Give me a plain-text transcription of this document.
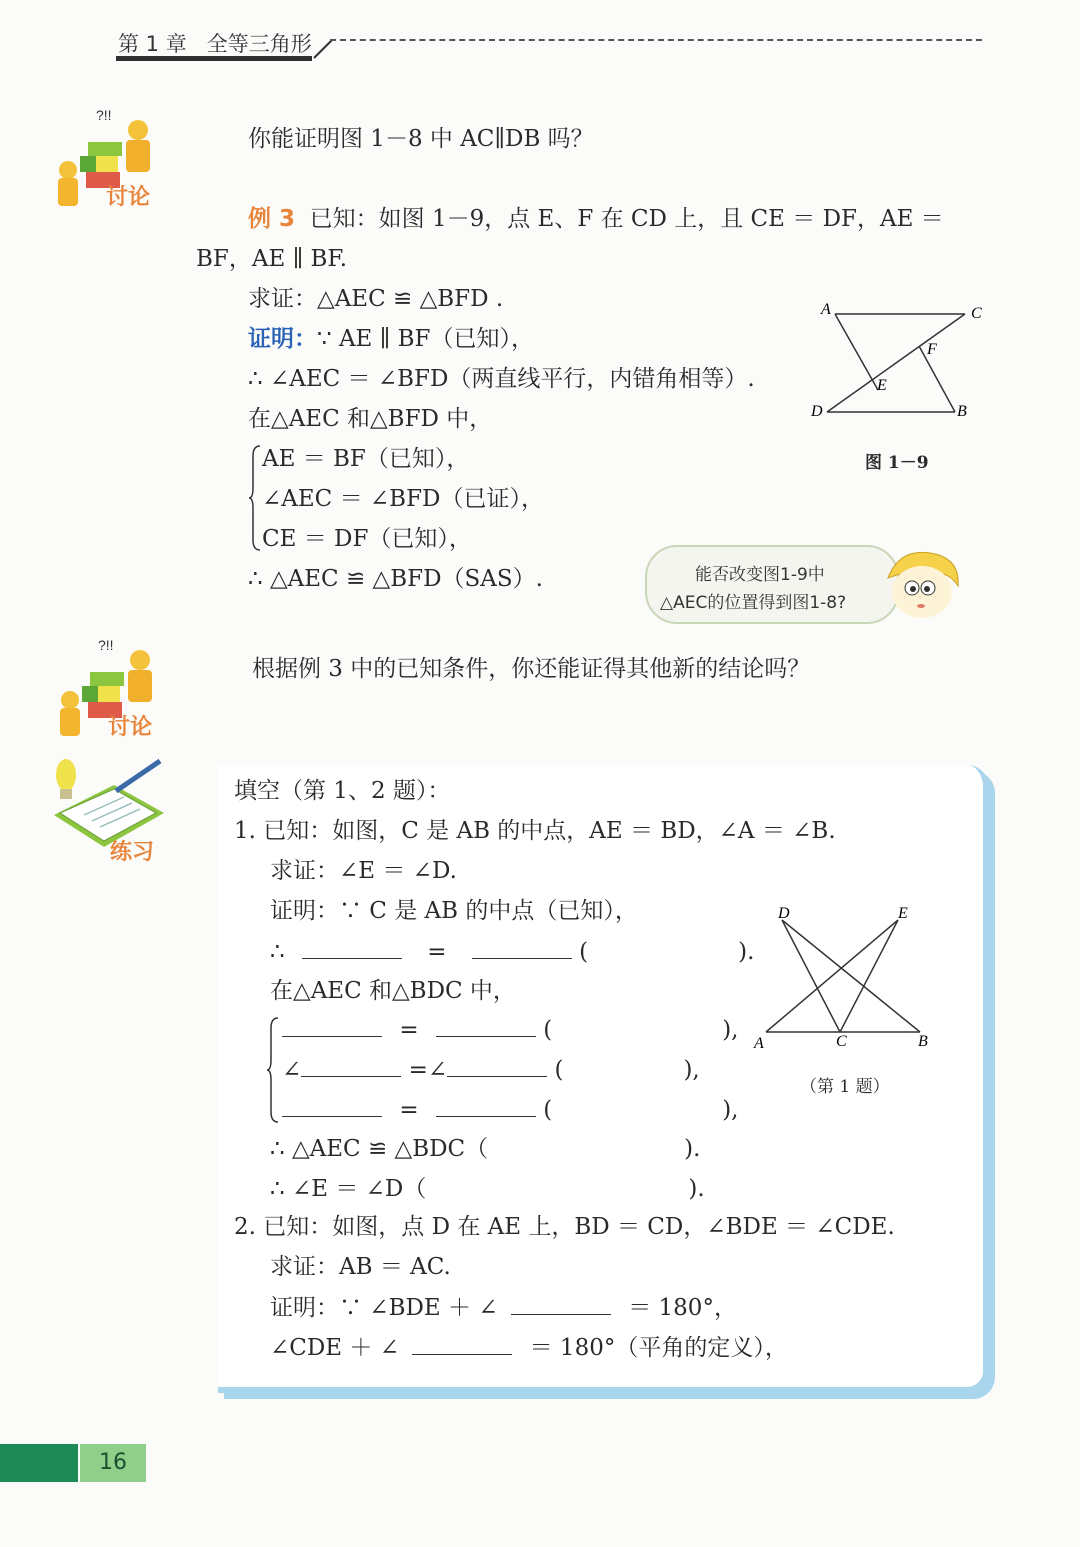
第 1 章 全等三角形
?!!
讨论
你能证明图 1－8 中 AC∥DB 吗？
例 3 已知：如图 1－9，点 E、F 在 CD 上，且 CE ＝ DF，AE ＝
BF，AE ∥ BF.
求证：△AEC ≌ △BFD .
证明：∵ AE ∥ BF（已知），
∴ ∠AEC ＝ ∠BFD（两直线平行，内错角相等）.
在△AEC 和△BFD 中，
AE ＝ BF（已知），
∠AEC ＝ ∠BFD（已证），
CE ＝ DF（已知），
∴ △AEC ≌ △BFD（SAS）.
A	C
F
E
D	B
图 1－9
能否改变图1-9中
△AEC的位置得到图1-8?
?!!
讨论
根据例 3 中的已知条件，你还能证得其他新的结论吗？
练习
填空（第 1、2 题）：
1. 已知：如图，C 是 AB 的中点，AE ＝ BD，∠A ＝ ∠B.
求证：∠E ＝ ∠D.
证明：∵ C 是 AB 的中点（已知），
∴	=	(	).
在△AEC 和△BDC 中，
=	(	),
∠	=∠	(	),
=	(	),
∴ △AEC ≌ △BDC（	).
∴ ∠E ＝ ∠D（	).
D	E
A	C	B
（第 1 题）
2. 已知：如图，点 D 在 AE 上，BD ＝ CD，∠BDE ＝ ∠CDE.
求证：AB ＝ AC.
证明：∵ ∠BDE ＋ ∠	＝ 180°，
∠CDE ＋ ∠	＝ 180°（平角的定义），
16
